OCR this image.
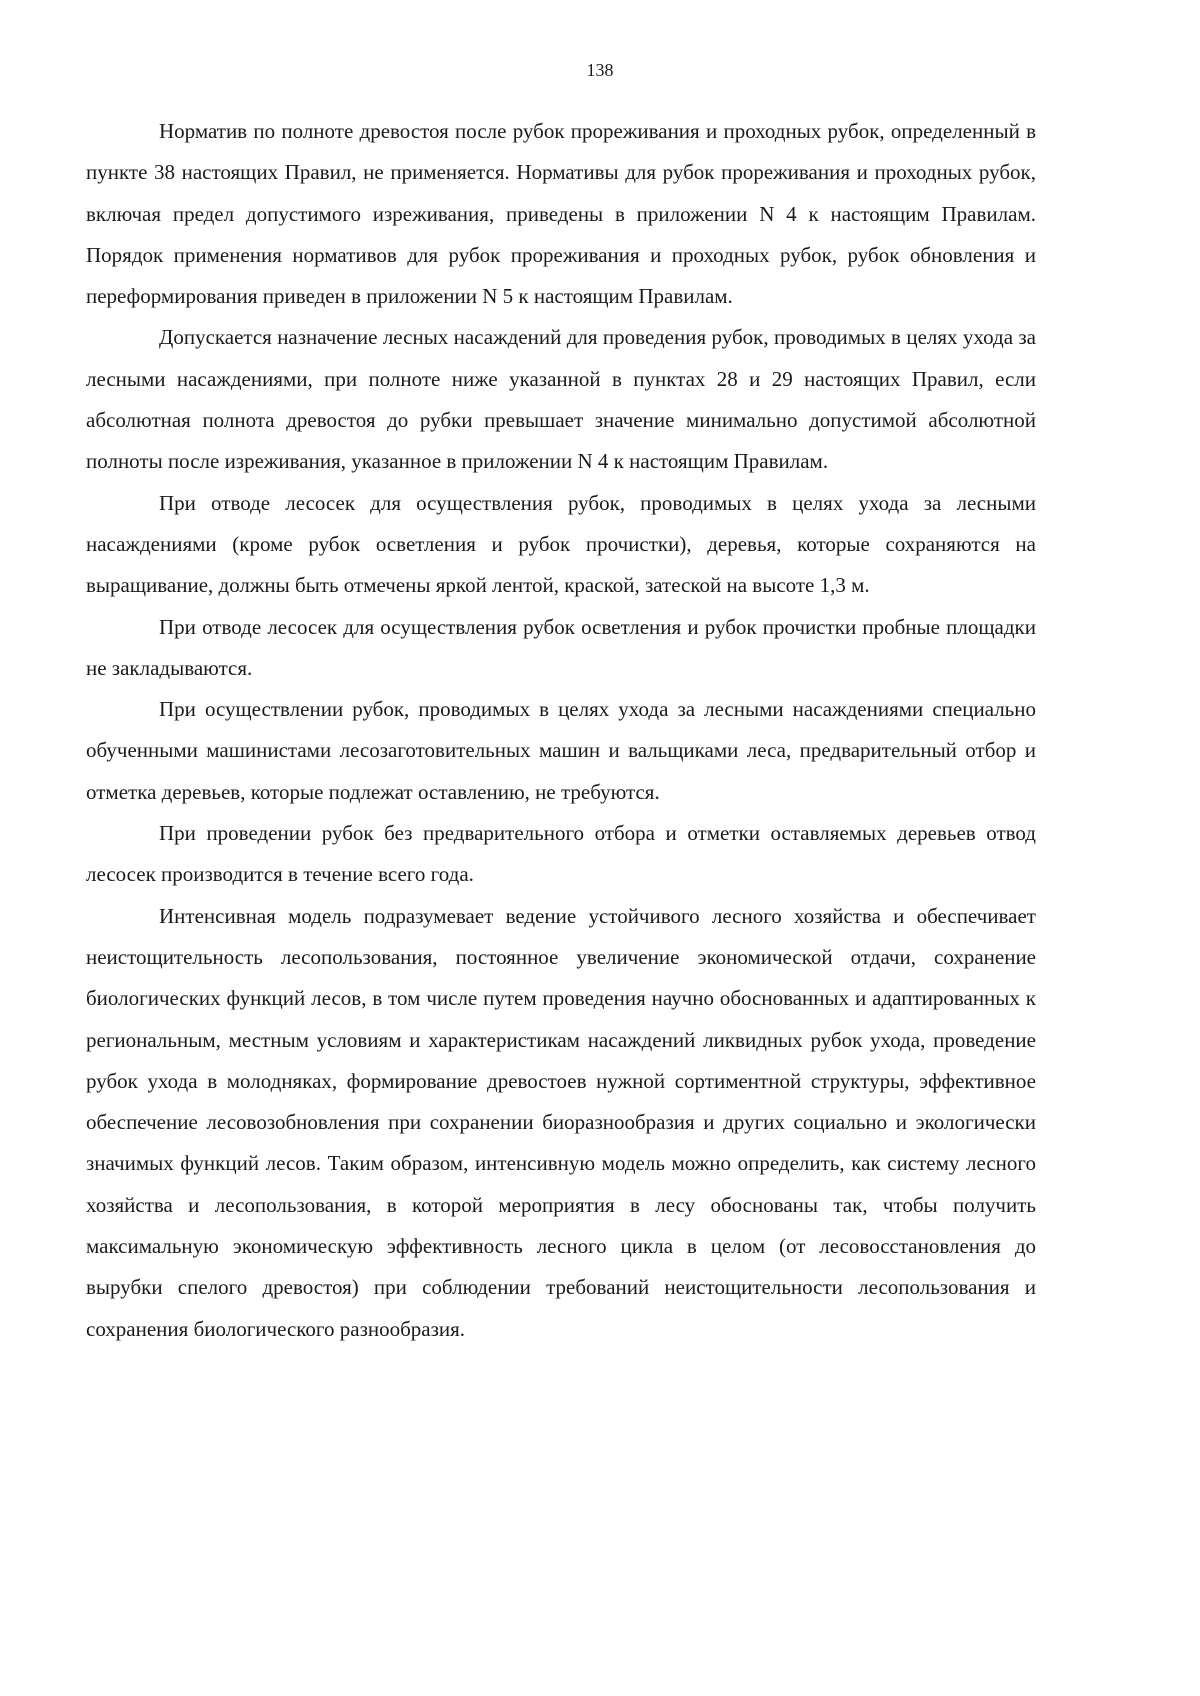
138

Норматив по полноте древостоя после рубок прореживания и проходных рубок, определенный в пункте 38 настоящих Правил, не применяется. Нормативы для рубок прореживания и проходных рубок, включая предел допустимого изреживания, приведены в приложении N 4 к настоящим Правилам. Порядок применения нормативов для рубок прореживания и проходных рубок, рубок обновления и переформирования приведен в приложении N 5 к настоящим Правилам.

Допускается назначение лесных насаждений для проведения рубок, проводимых в целях ухода за лесными насаждениями, при полноте ниже указанной в пунктах 28 и 29 настоящих Правил, если абсолютная полнота древостоя до рубки превышает значение минимально допустимой абсолютной полноты после изреживания, указанное в приложении N 4 к настоящим Правилам.

При отводе лесосек для осуществления рубок, проводимых в целях ухода за лесными насаждениями (кроме рубок осветления и рубок прочистки), деревья, которые сохраняются на выращивание, должны быть отмечены яркой лентой, краской, затеской на высоте 1,3 м.

При отводе лесосек для осуществления рубок осветления и рубок прочистки пробные площадки не закладываются.

При осуществлении рубок, проводимых в целях ухода за лесными насаждениями специально обученными машинистами лесозаготовительных машин и вальщиками леса, предварительный отбор и отметка деревьев, которые подлежат оставлению, не требуются.

При проведении рубок без предварительного отбора и отметки оставляемых деревьев отвод лесосек производится в течение всего года.

Интенсивная модель подразумевает ведение устойчивого лесного хозяйства и обеспечивает неистощительность лесопользования, постоянное увеличение экономической отдачи, сохранение биологических функций лесов, в том числе путем проведения научно обоснованных и адаптированных к региональным, местным условиям и характеристикам насаждений ликвидных рубок ухода, проведение рубок ухода в молодняках, формирование древостоев нужной сортиментной структуры, эффективное обеспечение лесовозобновления при сохранении биоразнообразия и других социально и экологически значимых функций лесов. Таким образом, интенсивную модель можно определить, как систему лесного хозяйства и лесопользования, в которой мероприятия в лесу обоснованы так, чтобы получить максимальную экономическую эффективность лесного цикла в целом (от лесовосстановления до вырубки спелого древостоя) при соблюдении требований неистощительности лесопользования и сохранения биологического разнообразия.
